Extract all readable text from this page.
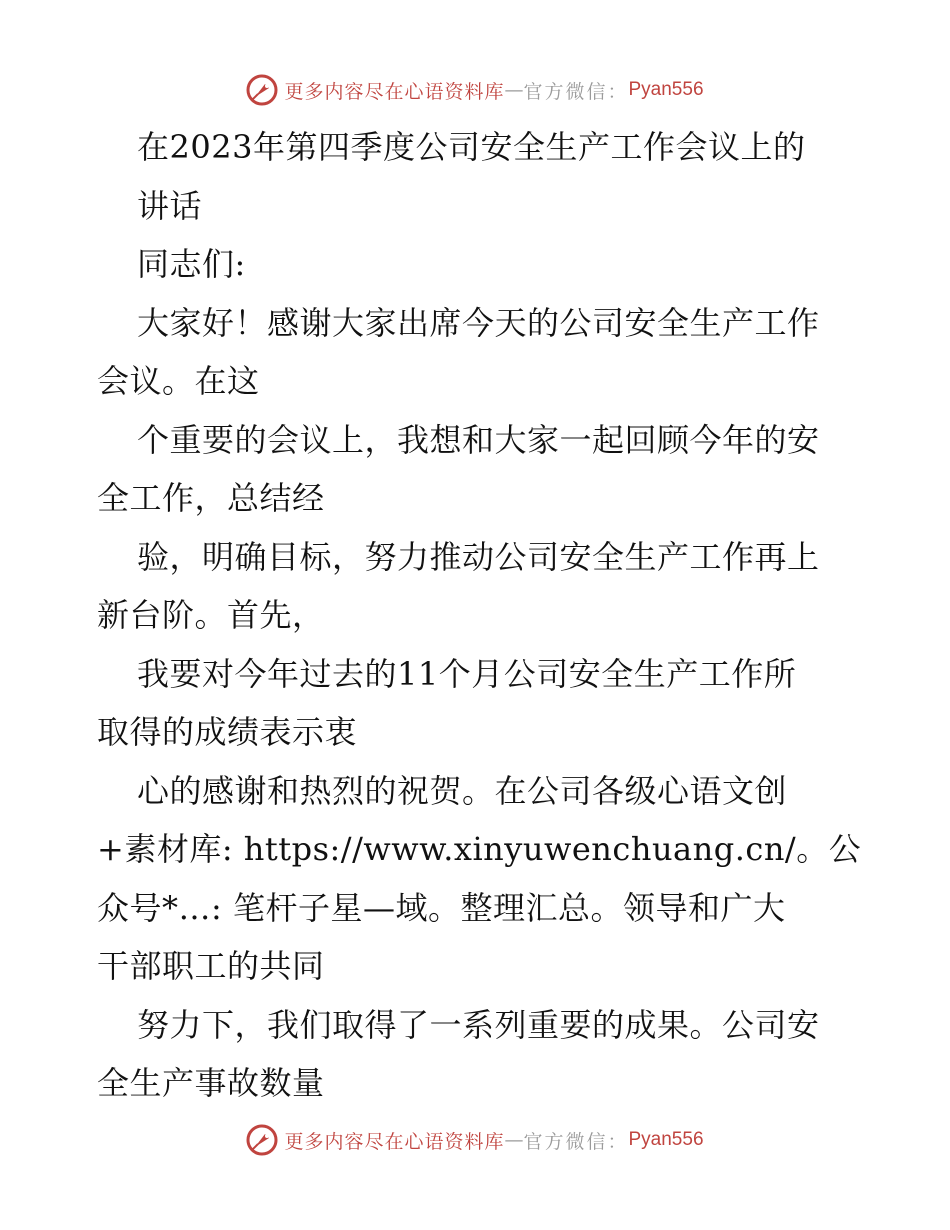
更多内容尽在心语资料库 — 官方微信： Pyan556
在2023年第四季度公司安全生产工作会议上的
讲话
同志们:
大家好！感谢大家出席今天的公司安全生产工作
会议。在这
个重要的会议上，我想和大家一起回顾今年的安
全工作，总结经
验，明确目标，努力推动公司安全生产工作再上
新台阶。首先，
我要对今年过去的11个月公司安全生产工作所
取得的成绩表示衷
心的感谢和热烈的祝贺。在公司各级心语文创
+素材库: https://www.xinyuwenchuang.cn/。公
众号*…: 笔杆子星—域。整理汇总。领导和广大
干部职工的共同
努力下，我们取得了一系列重要的成果。公司安
全生产事故数量
更多内容尽在心语资料库 — 官方微信： Pyan556
